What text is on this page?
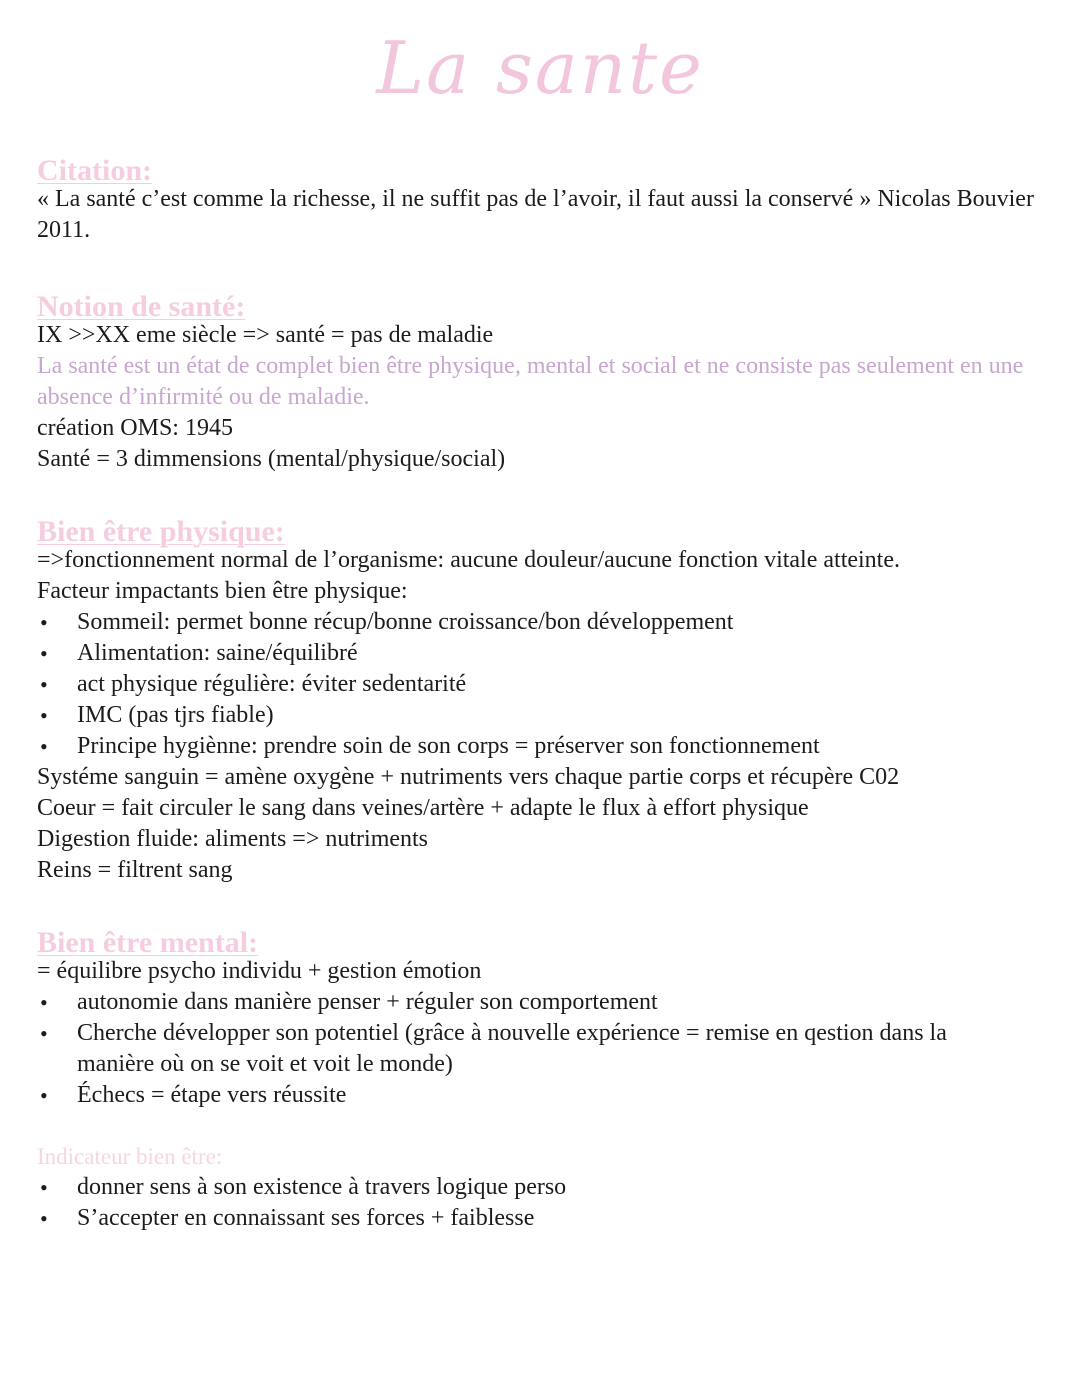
La sante
Citation:

« La santé c’est comme la richesse, il ne suffit pas de l’avoir, il faut aussi la conservé » Nicolas Bouvier 2011.

Notion de santé:

IX >>XX eme siècle => santé = pas de maladie

La santé est un état de complet bien être physique, mental et social et ne consiste pas seulement en une absence d’infirmité ou de maladie.

création OMS: 1945

Santé = 3 dimmensions (mental/physique/social)

Bien être physique:

=>fonctionnement normal de l’organisme: aucune douleur/aucune fonction vitale atteinte.

Facteur impactants bien être physique:

• Sommeil: permet bonne récup/bonne croissance/bon développement
• Alimentation: saine/équilibré
• act physique régulière: éviter sedentarité
• IMC (pas tjrs fiable)
• Principe hygiènne: prendre soin de son corps = préserver son fonctionnement

Systéme sanguin = amène oxygène + nutriments vers chaque partie corps et récupère C02

Coeur = fait circuler le sang dans veines/artère + adapte le flux à effort physique

Digestion fluide: aliments => nutriments

Reins = filtrent sang

Bien être mental:

= équilibre psycho individu + gestion émotion

• autonomie dans manière penser + réguler son comportement
• Cherche développer son potentiel (grâce à nouvelle expérience = remise en qestion dans la manière où on se voit et voit le monde)
• Échecs = étape vers réussite

Indicateur bien être:

• donner sens à son existence à travers logique perso
• S’accepter en connaissant ses forces + faiblesse
